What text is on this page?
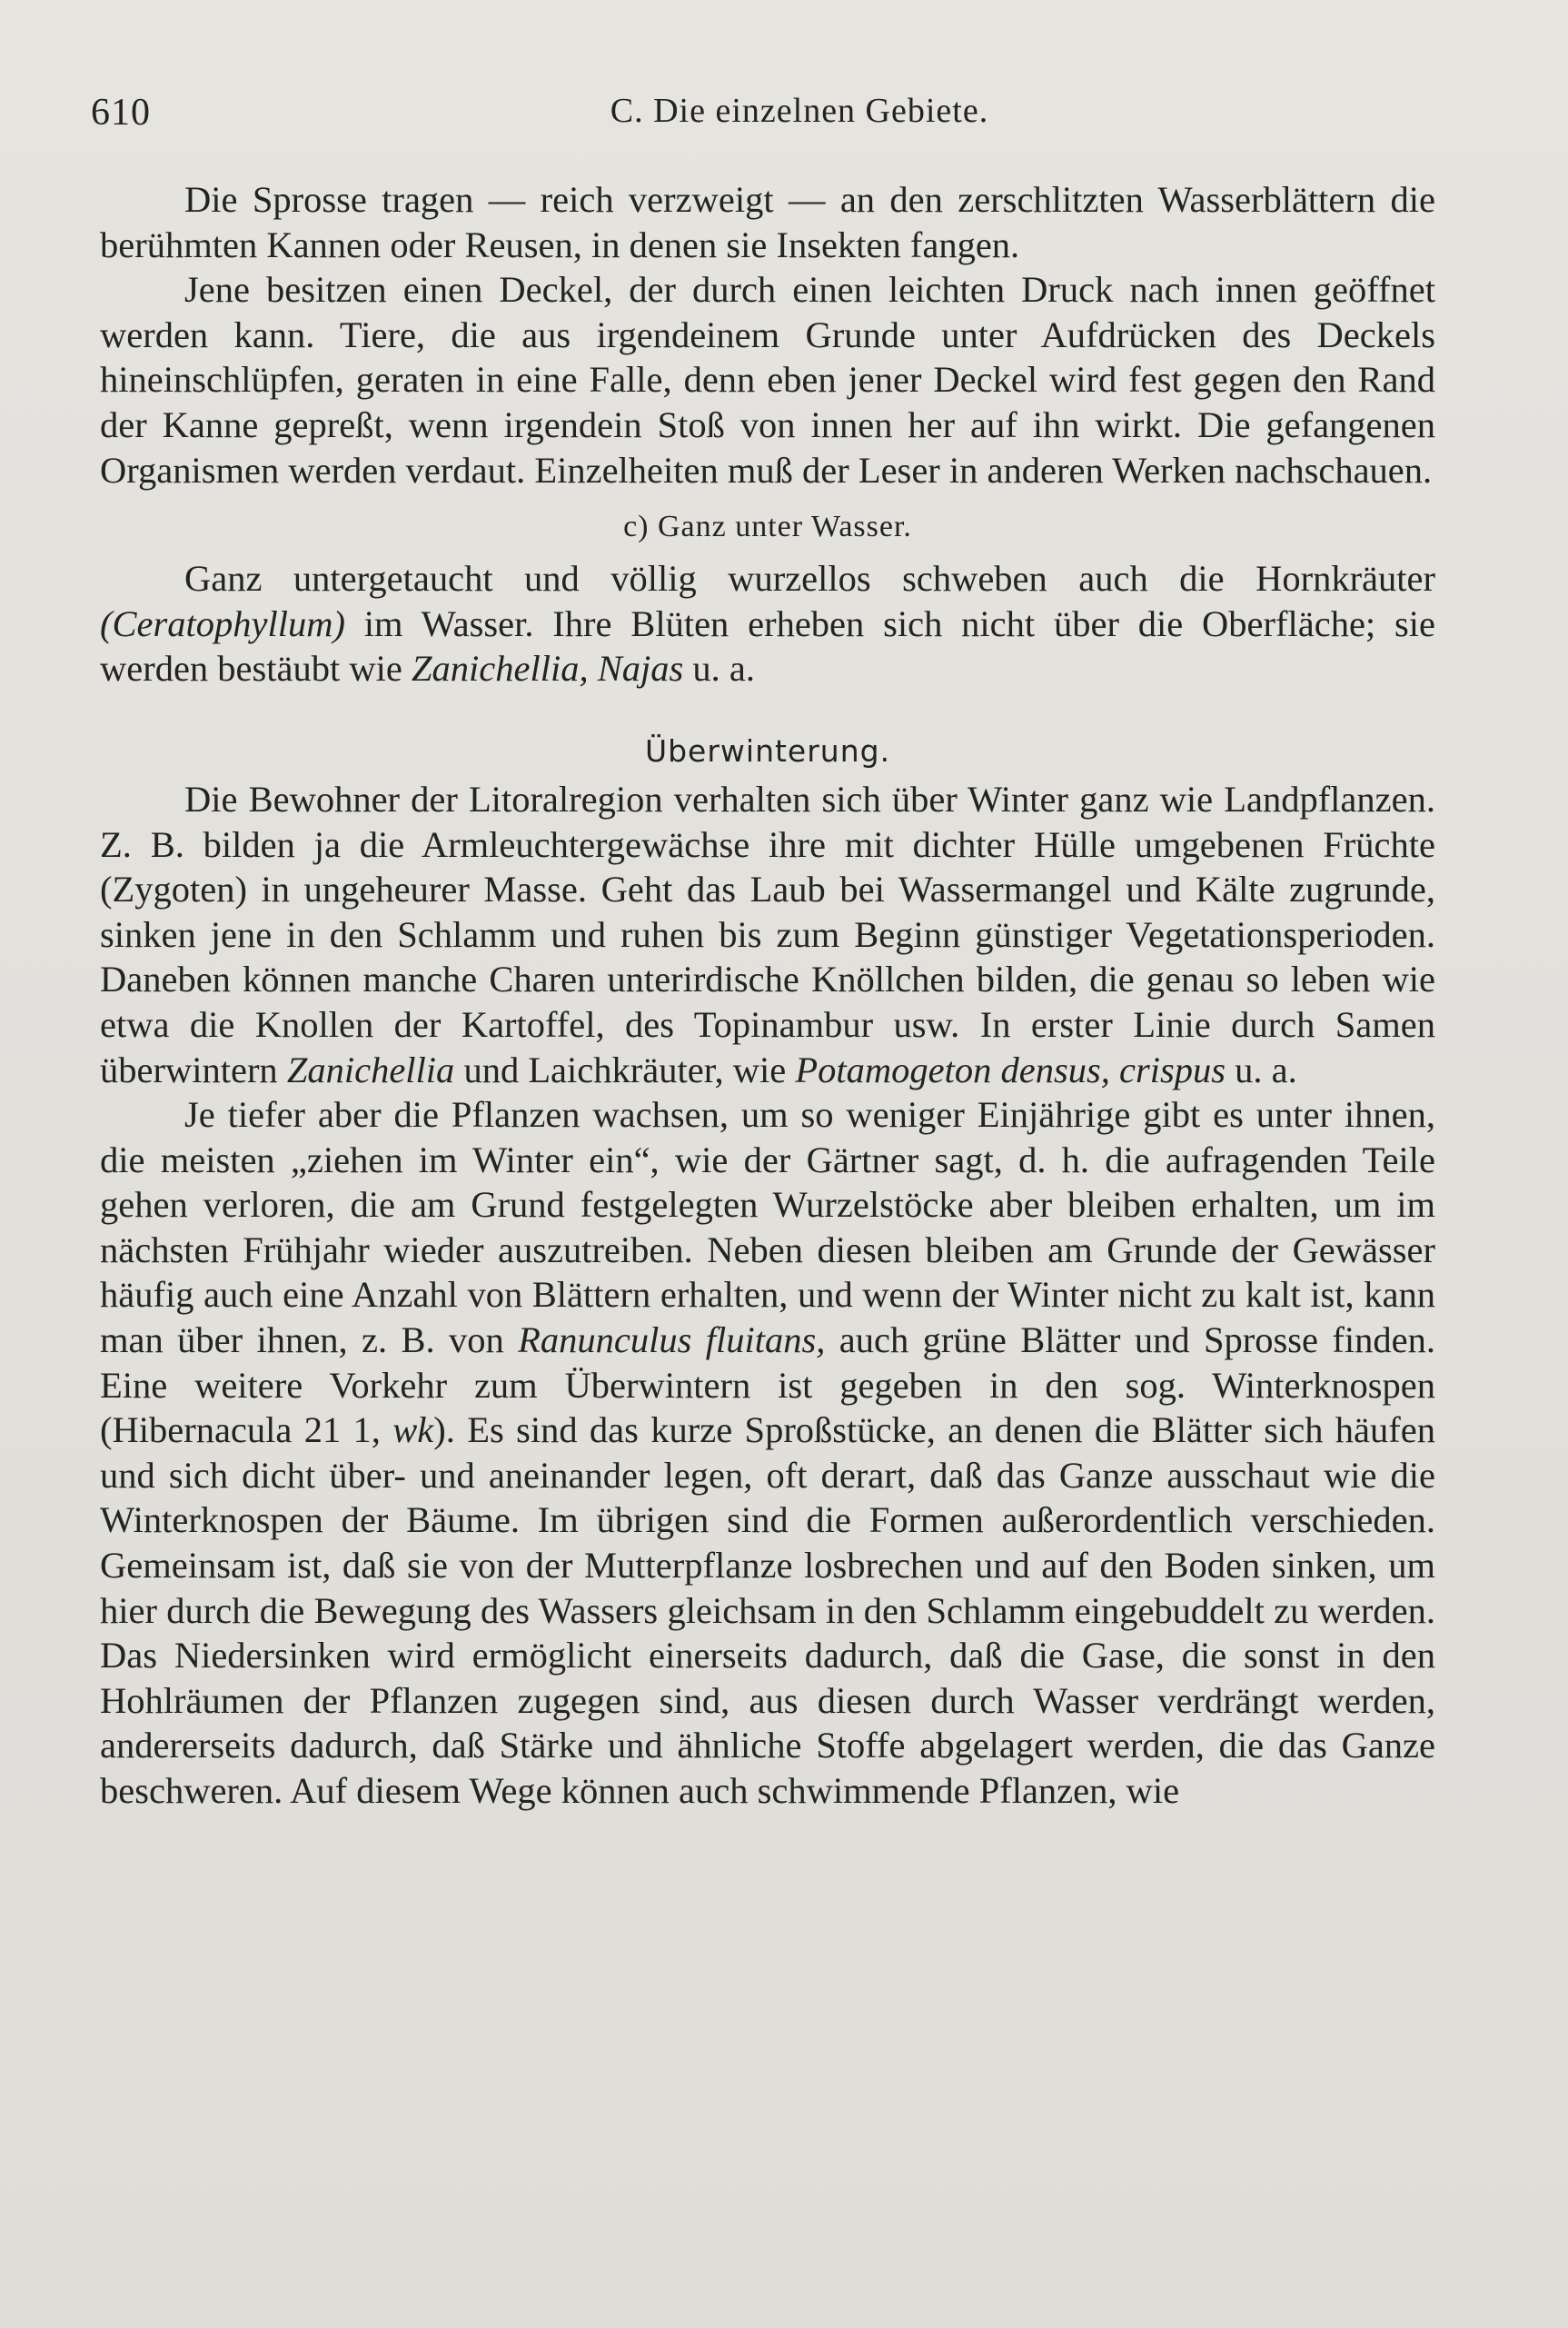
610	C. Die einzelnen Gebiete.

Die Sprosse tragen — reich verzweigt — an den zerschlitzten Wasserblättern die berühmten Kannen oder Reusen, in denen sie Insekten fangen.

Jene besitzen einen Deckel, der durch einen leichten Druck nach innen geöffnet werden kann. Tiere, die aus irgendeinem Grunde unter Aufdrücken des Deckels hineinschlüpfen, geraten in eine Falle, denn eben jener Deckel wird fest gegen den Rand der Kanne gepreßt, wenn irgendein Stoß von innen her auf ihn wirkt. Die gefangenen Organismen werden verdaut. Einzelheiten muß der Leser in anderen Werken nachschauen.

c) Ganz unter Wasser.

Ganz untergetaucht und völlig wurzellos schweben auch die Hornkräuter (Ceratophyllum) im Wasser. Ihre Blüten erheben sich nicht über die Oberfläche; sie werden bestäubt wie Zanichellia, Najas u. a.

Überwinterung.

Die Bewohner der Litoralregion verhalten sich über Winter ganz wie Landpflanzen. Z. B. bilden ja die Armleuchtergewächse ihre mit dichter Hülle umgebenen Früchte (Zygoten) in ungeheurer Masse. Geht das Laub bei Wassermangel und Kälte zugrunde, sinken jene in den Schlamm und ruhen bis zum Beginn günstiger Vegetationsperioden. Daneben können manche Charen unterirdische Knöllchen bilden, die genau so leben wie etwa die Knollen der Kartoffel, des Topinambur usw. In erster Linie durch Samen überwintern Zanichellia und Laichkräuter, wie Potamogeton densus, crispus u. a.

Je tiefer aber die Pflanzen wachsen, um so weniger Einjährige gibt es unter ihnen, die meisten „ziehen im Winter ein“, wie der Gärtner sagt, d. h. die aufragenden Teile gehen verloren, die am Grund festgelegten Wurzelstöcke aber bleiben erhalten, um im nächsten Frühjahr wieder auszutreiben. Neben diesen bleiben am Grunde der Gewässer häufig auch eine Anzahl von Blättern erhalten, und wenn der Winter nicht zu kalt ist, kann man über ihnen, z. B. von Ranunculus fluitans, auch grüne Blätter und Sprosse finden. Eine weitere Vorkehr zum Überwintern ist gegeben in den sog. Winterknospen (Hibernacula 21 1, wk). Es sind das kurze Sproßstücke, an denen die Blätter sich häufen und sich dicht über- und aneinander legen, oft derart, daß das Ganze ausschaut wie die Winterknospen der Bäume. Im übrigen sind die Formen außerordentlich verschieden. Gemeinsam ist, daß sie von der Mutterpflanze losbrechen und auf den Boden sinken, um hier durch die Bewegung des Wassers gleichsam in den Schlamm eingebuddelt zu werden. Das Niedersinken wird ermöglicht einerseits dadurch, daß die Gase, die sonst in den Hohlräumen der Pflanzen zugegen sind, aus diesen durch Wasser verdrängt werden, andererseits dadurch, daß Stärke und ähnliche Stoffe abgelagert werden, die das Ganze beschweren. Auf diesem Wege können auch schwimmende Pflanzen, wie
